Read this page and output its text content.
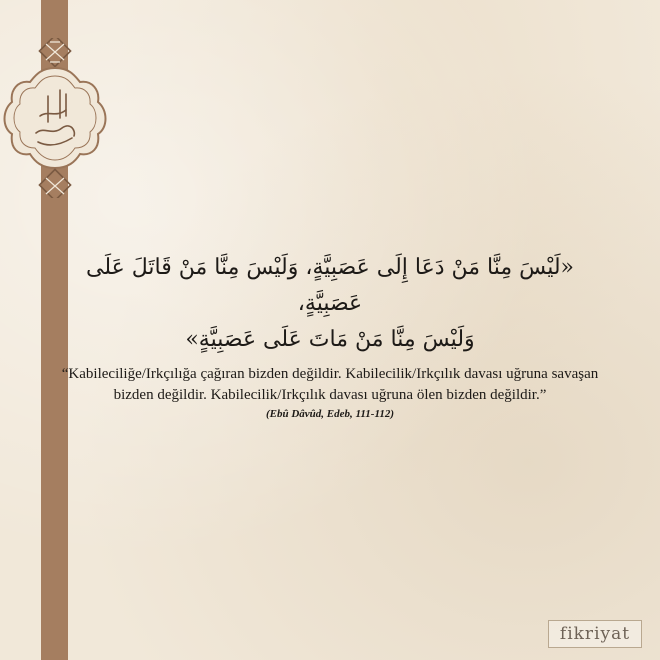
«لَيْسَ مِنَّا مَنْ دَعَا إِلَى عَصَبِيَّةٍ، وَلَيْسَ مِنَّا مَنْ قَاتَلَ عَلَى عَصَبِيَّةٍ،
وَلَيْسَ مِنَّا مَنْ مَاتَ عَلَى عَصَبِيَّةٍ»
“Kabileciliğe/Irkçılığa çağıran bizden değildir. Kabilecilik/Irkçılık davası uğruna savaşan bizden değildir. Kabilecilik/Irkçılık davası uğruna ölen bizden değildir.”
(Ebû Dâvûd, Edeb, 111-112)
fikriyat
